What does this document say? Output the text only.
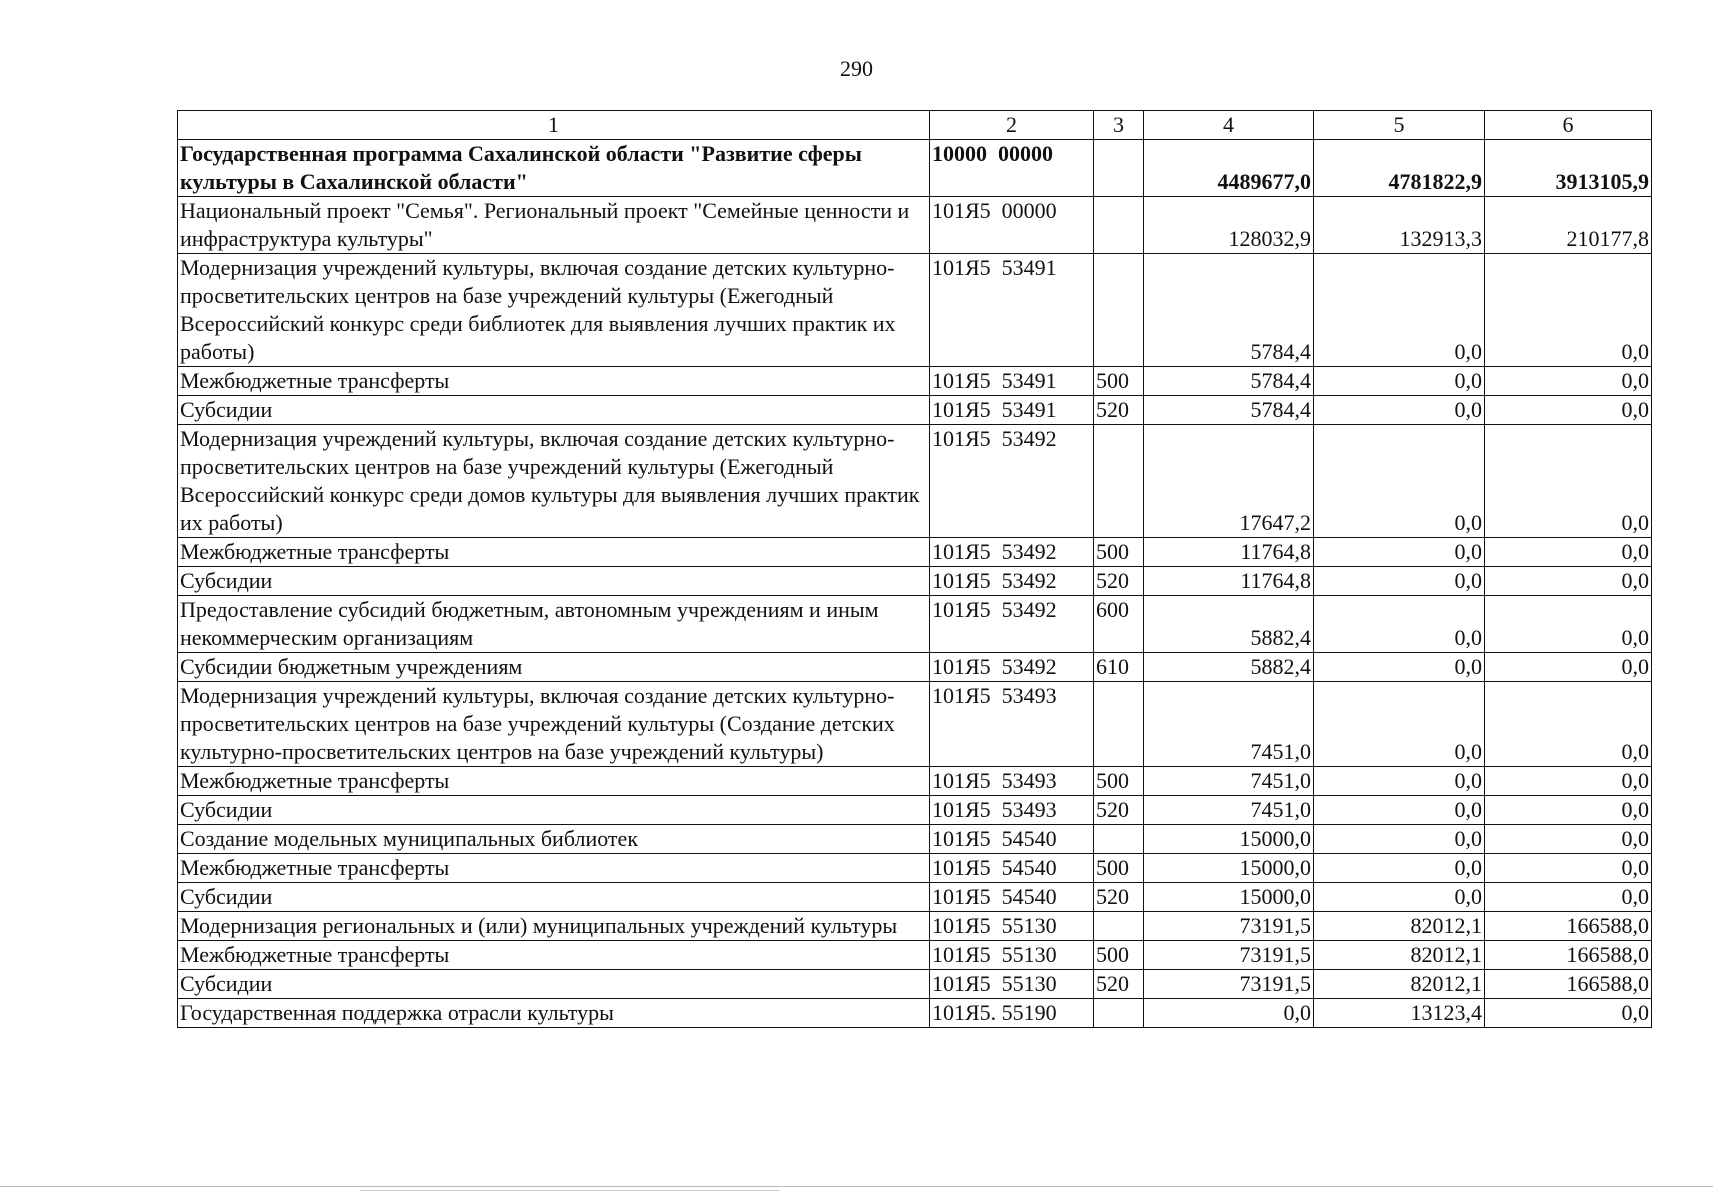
290
1	2	3	4	5	6
Государственная программа Сахалинской области "Развитие сферы культуры в Сахалинской области"	10000  00000		4489677,0	4781822,9	3913105,9
Национальный проект "Семья". Региональный проект "Семейные ценности и инфраструктура культуры"	101Я5  00000		128032,9	132913,3	210177,8
Модернизация учреждений культуры, включая создание детских культурно-просветительских центров на базе учреждений культуры (Ежегодный Всероссийский конкурс среди библиотек для выявления лучших практик их работы)	101Я5  53491		5784,4	0,0	0,0
Межбюджетные трансферты	101Я5  53491	500	5784,4	0,0	0,0
Субсидии	101Я5  53491	520	5784,4	0,0	0,0
Модернизация учреждений культуры, включая создание детских культурно-просветительских центров на базе учреждений культуры (Ежегодный Всероссийский конкурс среди домов культуры для выявления лучших практик их работы)	101Я5  53492		17647,2	0,0	0,0
Межбюджетные трансферты	101Я5  53492	500	11764,8	0,0	0,0
Субсидии	101Я5  53492	520	11764,8	0,0	0,0
Предоставление субсидий бюджетным, автономным учреждениям и иным некоммерческим организациям	101Я5  53492	600	5882,4	0,0	0,0
Субсидии бюджетным учреждениям	101Я5  53492	610	5882,4	0,0	0,0
Модернизация учреждений культуры, включая создание детских культурно-просветительских центров на базе учреждений культуры (Создание детских культурно-просветительских центров на базе учреждений культуры)	101Я5  53493		7451,0	0,0	0,0
Межбюджетные трансферты	101Я5  53493	500	7451,0	0,0	0,0
Субсидии	101Я5  53493	520	7451,0	0,0	0,0
Создание модельных муниципальных библиотек	101Я5  54540		15000,0	0,0	0,0
Межбюджетные трансферты	101Я5  54540	500	15000,0	0,0	0,0
Субсидии	101Я5  54540	520	15000,0	0,0	0,0
Модернизация региональных и (или) муниципальных учреждений культуры	101Я5  55130		73191,5	82012,1	166588,0
Межбюджетные трансферты	101Я5  55130	500	73191,5	82012,1	166588,0
Субсидии	101Я5  55130	520	73191,5	82012,1	166588,0
Государственная поддержка отрасли культуры	101Я5. 55190		0,0	13123,4	0,0
